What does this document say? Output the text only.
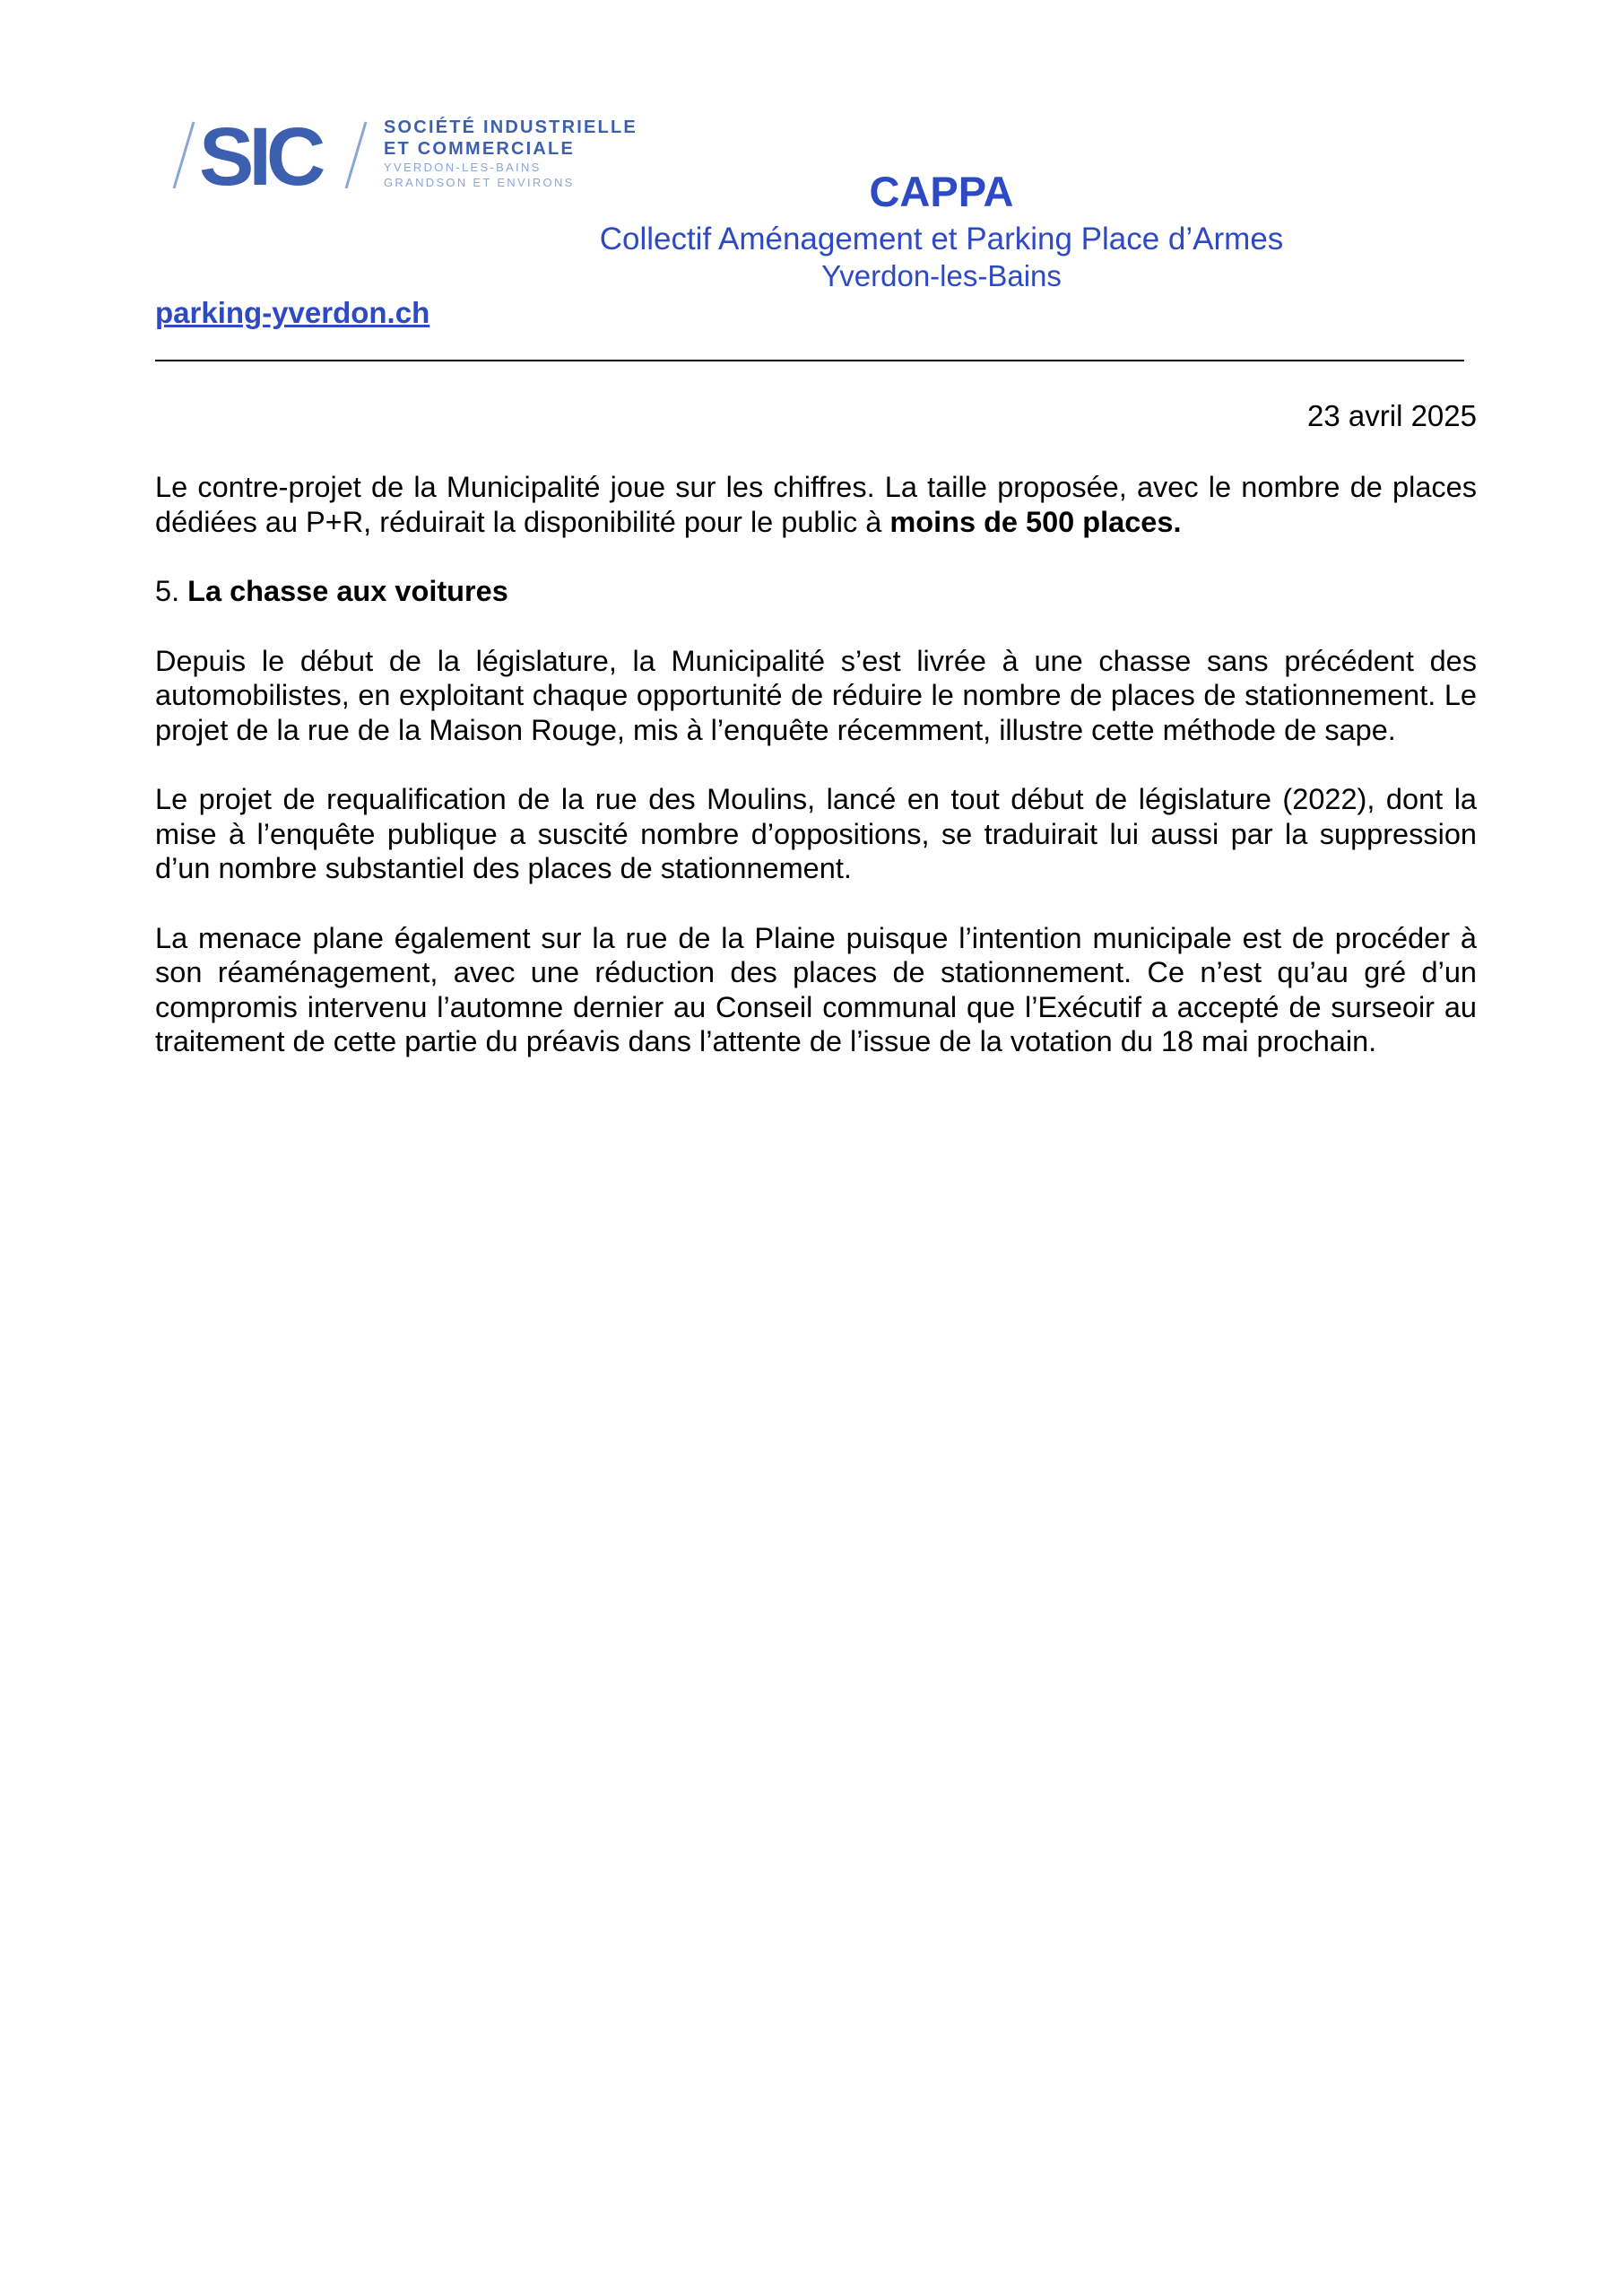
SIC	SOCIÉTÉ INDUSTRIELLE
ET COMMERCIALE
YVERDON-LES-BAINS
GRANDSON ET ENVIRONS	CAPPA
Collectif Aménagement et Parking Place d’Armes
Yverdon-les-Bains
parking-yverdon.ch
23 avril 2025

Le contre-projet de la Municipalité joue sur les chiffres. La taille proposée, avec le nombre de places dédiées au P+R, réduirait la disponibilité pour le public à moins de 500 places.

5. La chasse aux voitures

Depuis le début de la législature, la Municipalité s’est livrée à une chasse sans précédent des automobilistes, en exploitant chaque opportunité de réduire le nombre de places de stationnement. Le projet de la rue de la Maison Rouge, mis à l’enquête récemment, illustre cette méthode de sape.

Le projet de requalification de la rue des Moulins, lancé en tout début de législature (2022), dont la mise à l’enquête publique a suscité nombre d’oppositions, se traduirait lui aussi par la suppression d’un nombre substantiel des places de stationnement.

La menace plane également sur la rue de la Plaine puisque l’intention municipale est de procéder à son réaménagement, avec une réduction des places de stationnement. Ce n’est qu’au gré d’un compromis intervenu l’automne dernier au Conseil communal que l’Exécutif a accepté de surseoir au traitement de cette partie du préavis dans l’attente de l’issue de la votation du 18 mai prochain.
